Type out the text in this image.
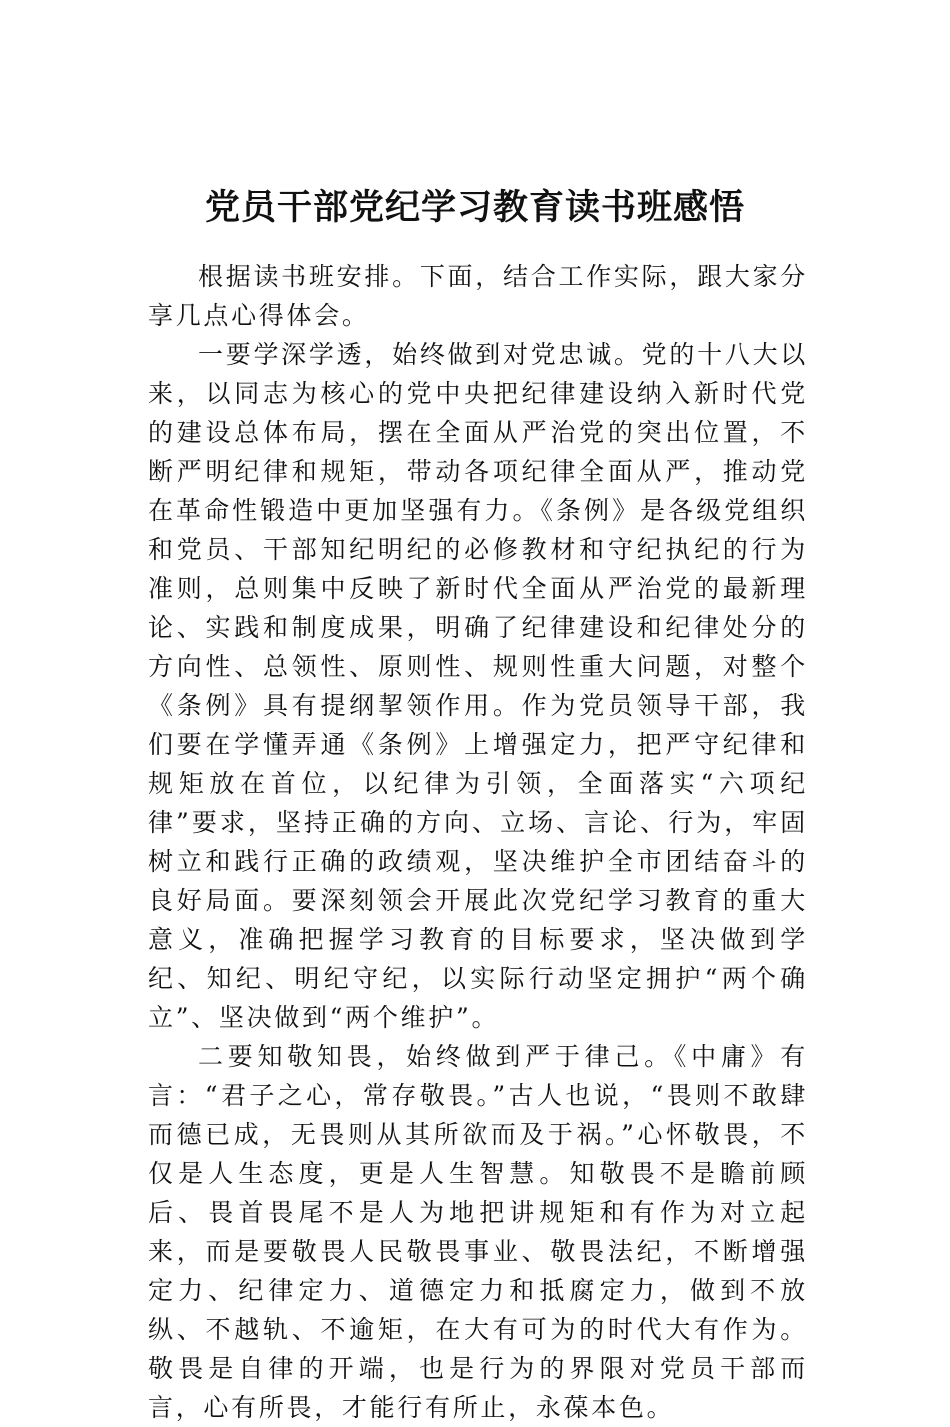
党员干部党纪学习教育读书班感悟

根据读书班安排。下面，结合工作实际，跟大家分享几点心得体会。

一要学深学透，始终做到对党忠诚。党的十八大以来，以同志为核心的党中央把纪律建设纳入新时代党的建设总体布局，摆在全面从严治党的突出位置，不断严明纪律和规矩，带动各项纪律全面从严，推动党在革命性锻造中更加坚强有力。《条例》是各级党组织和党员、干部知纪明纪的必修教材和守纪执纪的行为准则，总则集中反映了新时代全面从严治党的最新理论、实践和制度成果，明确了纪律建设和纪律处分的方向性、总领性、原则性、规则性重大问题，对整个《条例》具有提纲挈领作用。作为党员领导干部，我们要在学懂弄通《条例》上增强定力，把严守纪律和规矩放在首位，以纪律为引领，全面落实“六项纪律”要求，坚持正确的方向、立场、言论、行为，牢固树立和践行正确的政绩观，坚决维护全市团结奋斗的良好局面。要深刻领会开展此次党纪学习教育的重大意义，准确把握学习教育的目标要求，坚决做到学纪、知纪、明纪守纪，以实际行动坚定拥护“两个确立”、坚决做到“两个维护”。

二要知敬知畏，始终做到严于律己。《中庸》有言：“君子之心，常存敬畏。”古人也说，“畏则不敢肆而德已成，无畏则从其所欲而及于祸。”心怀敬畏，不仅是人生态度，更是人生智慧。知敬畏不是瞻前顾后、畏首畏尾不是人为地把讲规矩和有作为对立起来，而是要敬畏人民敬畏事业、敬畏法纪，不断增强定力、纪律定力、道德定力和抵腐定力，做到不放纵、不越轨、不逾矩，在大有可为的时代大有作为。敬畏是自律的开端，也是行为的界限对党员干部而言，心有所畏，才能行有所止，永葆本色。
